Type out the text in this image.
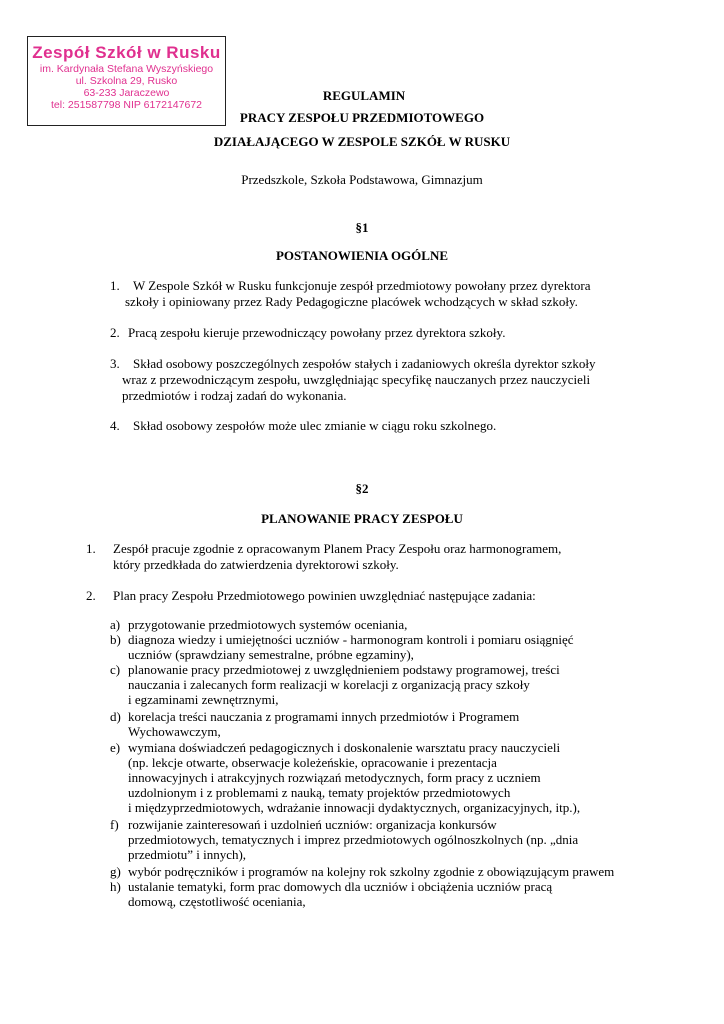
Zespół Szkół w Rusku
im. Kardynała Stefana Wyszyńskiego
ul. Szkolna 29, Rusko
63-233 Jaraczewo
tel: 251587798 NIP 6172147672
REGULAMIN
PRACY ZESPOŁU PRZEDMIOTOWEGO
DZIAŁAJĄCEGO W ZESPOLE SZKÓŁ W RUSKU
Przedszkole, Szkoła Podstawowa, Gimnazjum
§1
POSTANOWIENIA OGÓLNE
1. W Zespole Szkół w Rusku funkcjonuje zespół przedmiotowy powołany przez dyrektora
szkoły i opiniowany przez Rady Pedagogiczne placówek wchodzących w skład szkoły.
2. Pracą zespołu kieruje przewodniczący powołany przez dyrektora szkoły.
3. Skład osobowy poszczególnych zespołów stałych i zadaniowych określa dyrektor szkoły
wraz z przewodniczącym zespołu, uwzględniając specyfikę nauczanych przez nauczycieli
przedmiotów i rodzaj zadań do wykonania.
4. Skład osobowy zespołów może ulec zmianie w ciągu roku szkolnego.
§2
PLANOWANIE PRACY ZESPOŁU
1. Zespół pracuje zgodnie z opracowanym Planem Pracy Zespołu oraz harmonogramem,
który przedkłada do zatwierdzenia dyrektorowi szkoły.
2. Plan pracy Zespołu Przedmiotowego powinien uwzględniać następujące zadania:
a) przygotowanie przedmiotowych systemów oceniania,
b) diagnoza wiedzy i umiejętności uczniów - harmonogram kontroli i pomiaru osiągnięć
uczniów (sprawdziany semestralne, próbne egzaminy),
c) planowanie pracy przedmiotowej z uwzględnieniem podstawy programowej, treści
nauczania i zalecanych form realizacji w korelacji z organizacją pracy szkoły
i egzaminami zewnętrznymi,
d) korelacja treści nauczania z programami innych przedmiotów i Programem
Wychowawczym,
e) wymiana doświadczeń pedagogicznych i doskonalenie warsztatu pracy nauczycieli
(np. lekcje otwarte, obserwacje koleżeńskie, opracowanie i prezentacja
innowacyjnych i atrakcyjnych rozwiązań metodycznych, form pracy z uczniem
uzdolnionym i z problemami z nauką, tematy projektów przedmiotowych
i międzyprzedmiotowych, wdrażanie innowacji dydaktycznych, organizacyjnych, itp.),
f) rozwijanie zainteresowań i uzdolnień uczniów: organizacja konkursów
przedmiotowych, tematycznych i imprez przedmiotowych ogólnoszkolnych (np. „dnia
przedmiotu” i innych),
g) wybór podręczników i programów na kolejny rok szkolny zgodnie z obowiązującym prawem
h) ustalanie tematyki, form prac domowych dla uczniów i obciążenia uczniów pracą
domową, częstotliwość oceniania,
